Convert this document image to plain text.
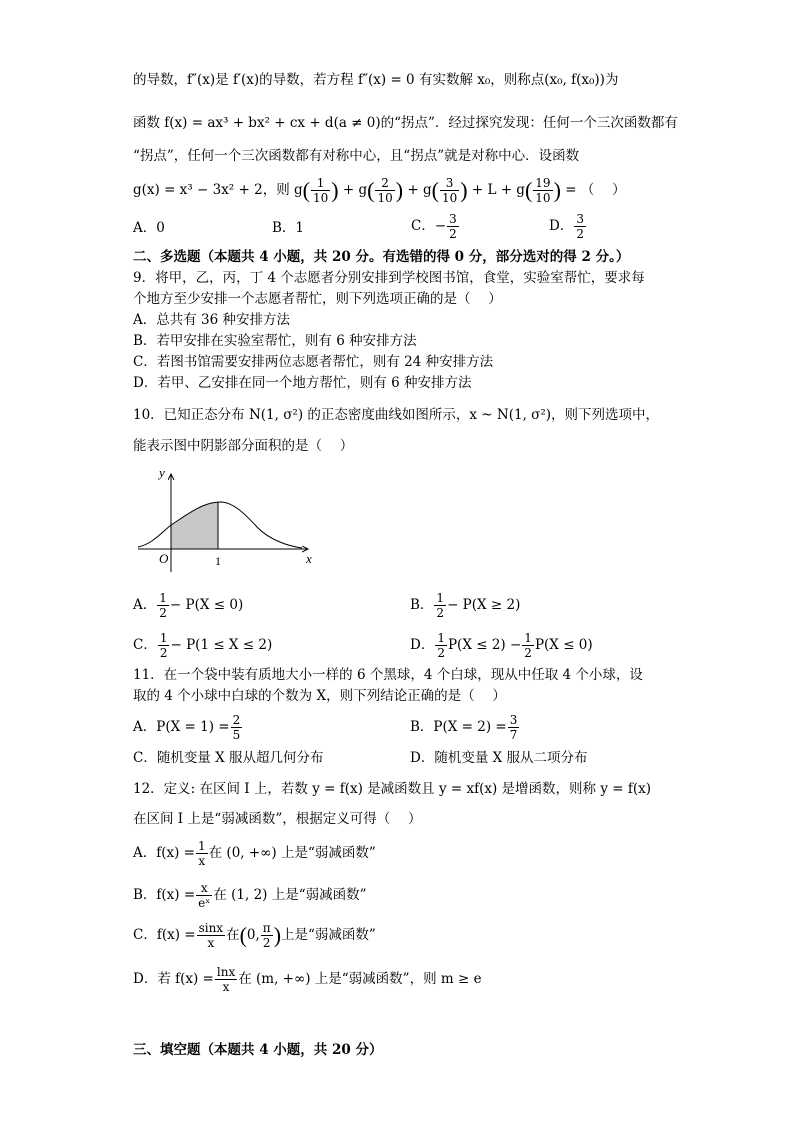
的导数，f″(x)是 f′(x)的导数，若方程 f″(x) = 0 有实数解 x₀，则称点(x₀, f(x₀))为
函数 f(x) = ax³ + bx² + cx + d(a ≠ 0)的“拐点”．经过探究发现：任何一个三次函数都有
“拐点”，任何一个三次函数都有对称中心，且“拐点”就是对称中心．设函数
g(x) = x³ − 3x² + 2，则 $g( \frac{1}{10}$ ) + $g( \frac{2}{10}$ ) + $g( \frac{3}{10}$ ) + $L + g( \frac{19}{10}$ ) = （　 ）
A．0	B．1	C．− $\frac{3}{2}$	D． $\frac{3}{2}$
二、多选题（本题共 4 小题，共 20 分。有选错的得 0 分，部分选对的得 2 分。）
9．将甲，乙，丙，丁 4 个志愿者分别安排到学校图书馆，食堂，实验室帮忙，要求每
个地方至少安排一个志愿者帮忙，则下列选项正确的是（　 ）
A．总共有 36 种安排方法
B．若甲安排在实验室帮忙，则有 6 种安排方法
C．若图书馆需要安排两位志愿者帮忙，则有 24 种安排方法
D．若甲、乙安排在同一个地方帮忙，则有 6 种安排方法
10．已知正态分布 N(1, σ²) 的正态密度曲线如图所示，x ~ N(1, σ²)，则下列选项中，
能表示图中阴影部分面积的是（　 ）
y
x
O	1
A． $\frac{1}{2} - P(X \le 0)$	B． $\frac{1}{2} - P(X \ge 2)$
C． $\frac{1}{2} - P(1 \le X \le 2)$	D． $\frac{1}{2} P(X \le 2) - \frac{1}{2} P(X \le 0)$
11．在一个袋中装有质地大小一样的 6 个黑球，4 个白球，现从中任取 4 个小球，设
取的 4 个小球中白球的个数为 X，则下列结论正确的是（　 ）
A．$P(X = 1) = \frac{2}{5}$	B．$P(X = 2) = \frac{3}{7}$
C．随机变量 X 服从超几何分布	D．随机变量 X 服从二项分布
12．定义: 在区间 I 上，若数 y = f(x) 是减函数且 y = xf(x) 是增函数，则称 y = f(x)
在区间 I 上是“弱减函数”，根据定义可得（　 ）
A．$f(x) = \frac{1}{x}$ 在 (0, +∞) 上是“弱减函数”
B．$f(x) = \frac{x}{\text{eˣ}}$ 在 (1, 2) 上是“弱减函数”
C．$f(x) = \frac{\sin x}{x}$ 在(0, $\frac{\pi}{2}$ )上是“弱减函数”
D．若 $f(x) = \frac{\ln x}{x}$ 在 (m, +∞) 上是“弱减函数”，则 m ≥ e
三、填空题（本题共 4 小题，共 20 分）
